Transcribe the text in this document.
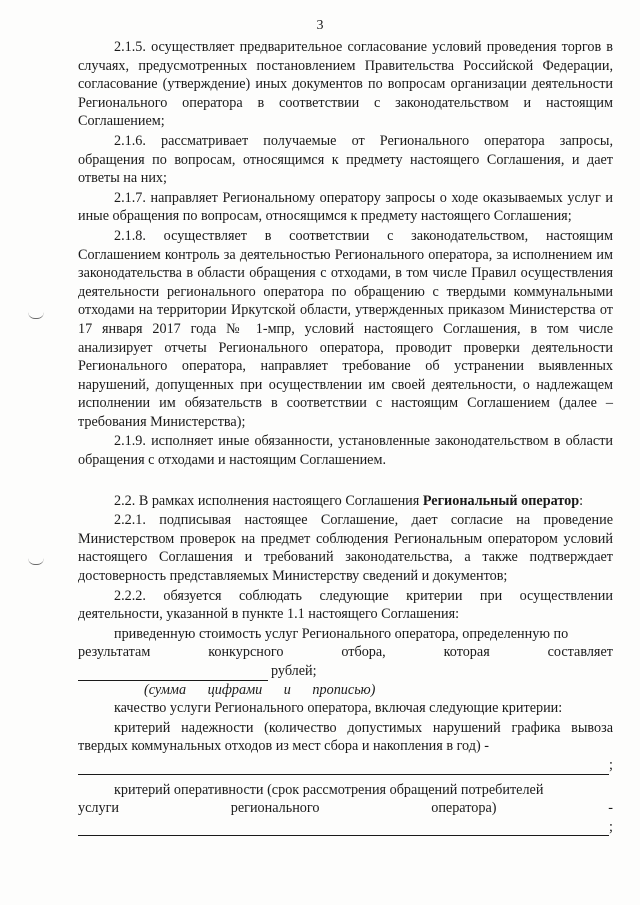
3

2.1.5. осуществляет предварительное согласование условий проведения торгов в случаях, предусмотренных постановлением Правительства Российской Федерации, согласование (утверждение) иных документов по вопросам организации деятельности Регионального оператора в соответствии с законодательством и настоящим Соглашением;

2.1.6. рассматривает получаемые от Регионального оператора запросы, обращения по вопросам, относящимся к предмету настоящего Соглашения, и дает ответы на них;

2.1.7. направляет Региональному оператору запросы о ходе оказываемых услуг и иные обращения по вопросам, относящимся к предмету настоящего Соглашения;

2.1.8. осуществляет в соответствии с законодательством, настоящим Соглашением контроль за деятельностью Регионального оператора, за исполнением им законодательства в области обращения с отходами, в том числе Правил осуществления деятельности регионального оператора по обращению с твердыми коммунальными отходами на территории Иркутской области, утвержденных приказом Министерства от 17 января 2017 года № 1-мпр, условий настоящего Соглашения, в том числе анализирует отчеты Регионального оператора, проводит проверки деятельности Регионального оператора, направляет требование об устранении выявленных нарушений, допущенных при осуществлении им своей деятельности, о надлежащем исполнении им обязательств в соответствии с настоящим Соглашением (далее – требования Министерства);

2.1.9. исполняет иные обязанности, установленные законодательством в области обращения с отходами и настоящим Соглашением.

2.2. В рамках исполнения настоящего Соглашения Региональный оператор:

2.2.1. подписывая настоящее Соглашение, дает согласие на проведение Министерством проверок на предмет соблюдения Региональным оператором условий настоящего Соглашения и требований законодательства, а также подтверждает достоверность представляемых Министерству сведений и документов;

2.2.2. обязуется соблюдать следующие критерии при осуществлении деятельности, указанной в пункте 1.1 настоящего Соглашения:

приведенную стоимость услуг Регионального оператора, определенную по

результатам	конкурсного	отбора,	которая	составляет
рублей;

(сумма цифрами и прописью)

качество услуги Регионального оператора, включая следующие критерии:

критерий надежности (количество допустимых нарушений графика вывоза твердых коммунальных отходов из мест сбора и накопления в год) -

;

критерий оперативности (срок рассмотрения обращений потребителей

услуги	регионального	оператора)	-
;
